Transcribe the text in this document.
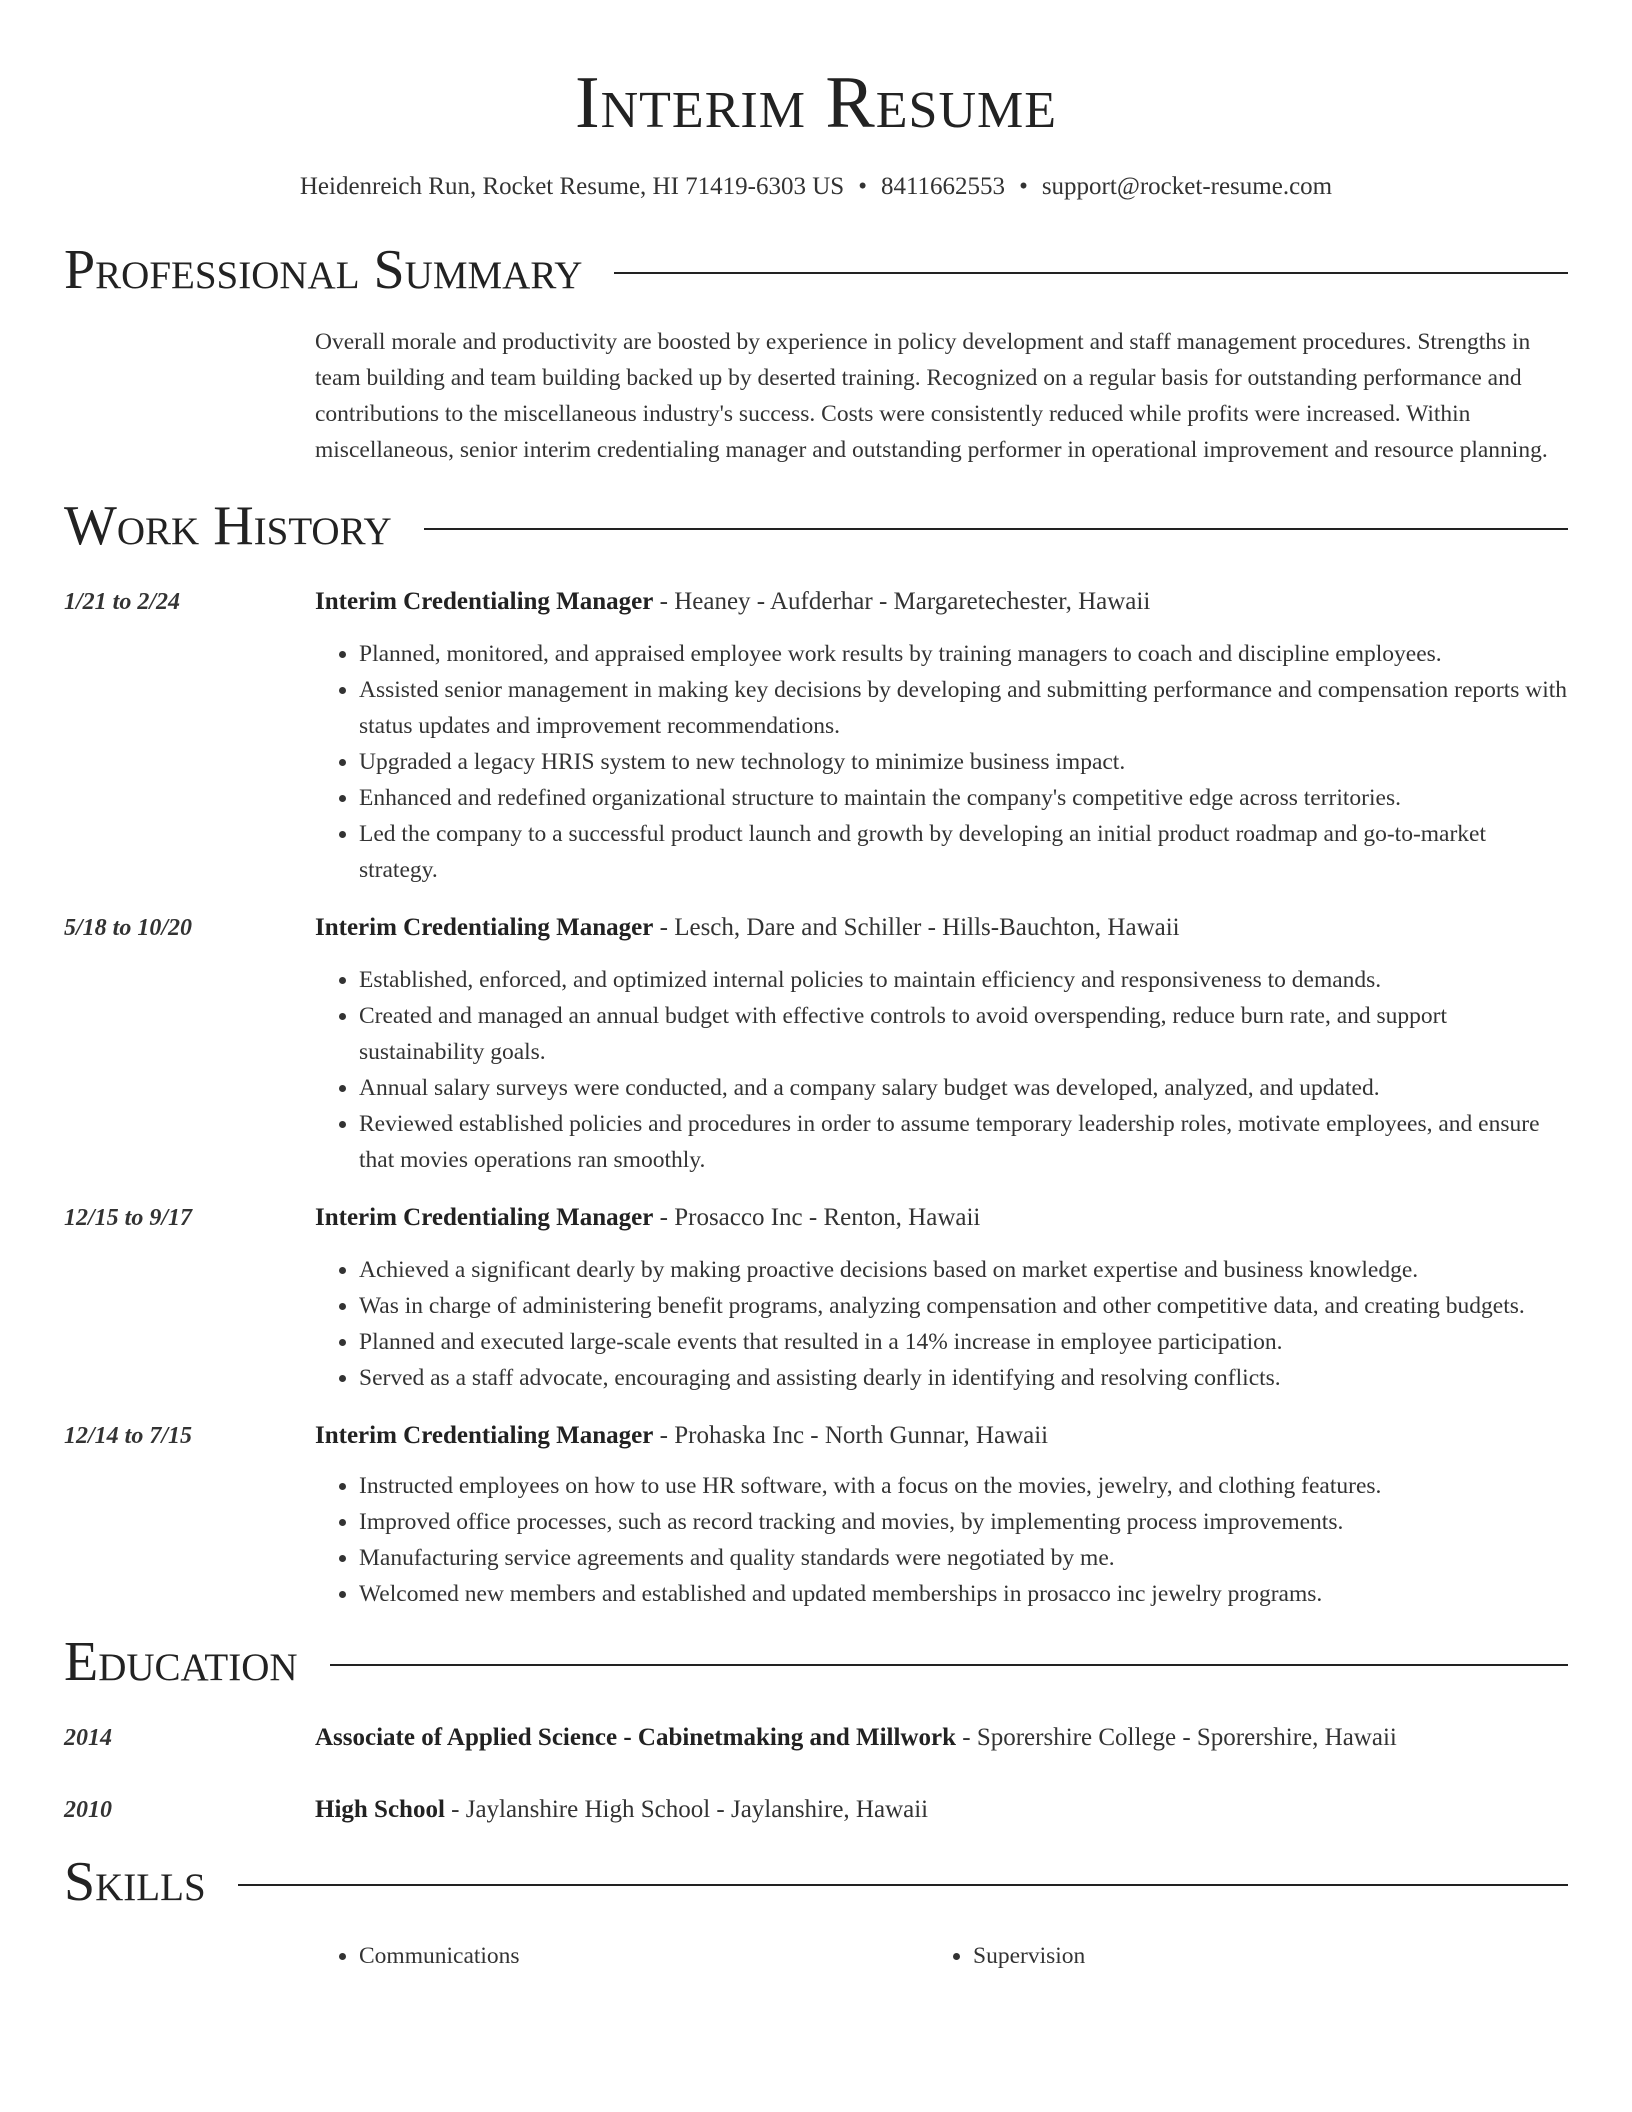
Interim Resume
Heidenreich Run, Rocket Resume, HI 71419-6303 US • 8411662553 • support@rocket-resume.com
Professional Summary
Overall morale and productivity are boosted by experience in policy development and staff management procedures. Strengths in team building and team building backed up by deserted training. Recognized on a regular basis for outstanding performance and contributions to the miscellaneous industry's success. Costs were consistently reduced while profits were increased. Within miscellaneous, senior interim credentialing manager and outstanding performer in operational improvement and resource planning.
Work History
1/21 to 2/24	Interim Credentialing Manager - Heaney - Aufderhar - Margaretechester, Hawaii
• Planned, monitored, and appraised employee work results by training managers to coach and discipline employees.
• Assisted senior management in making key decisions by developing and submitting performance and compensation reports with status updates and improvement recommendations.
• Upgraded a legacy HRIS system to new technology to minimize business impact.
• Enhanced and redefined organizational structure to maintain the company's competitive edge across territories.
• Led the company to a successful product launch and growth by developing an initial product roadmap and go-to-market strategy.
5/18 to 10/20	Interim Credentialing Manager - Lesch, Dare and Schiller - Hills-Bauchton, Hawaii
• Established, enforced, and optimized internal policies to maintain efficiency and responsiveness to demands.
• Created and managed an annual budget with effective controls to avoid overspending, reduce burn rate, and support sustainability goals.
• Annual salary surveys were conducted, and a company salary budget was developed, analyzed, and updated.
• Reviewed established policies and procedures in order to assume temporary leadership roles, motivate employees, and ensure that movies operations ran smoothly.
12/15 to 9/17	Interim Credentialing Manager - Prosacco Inc - Renton, Hawaii
• Achieved a significant dearly by making proactive decisions based on market expertise and business knowledge.
• Was in charge of administering benefit programs, analyzing compensation and other competitive data, and creating budgets.
• Planned and executed large-scale events that resulted in a 14% increase in employee participation.
• Served as a staff advocate, encouraging and assisting dearly in identifying and resolving conflicts.
12/14 to 7/15	Interim Credentialing Manager - Prohaska Inc - North Gunnar, Hawaii
• Instructed employees on how to use HR software, with a focus on the movies, jewelry, and clothing features.
• Improved office processes, such as record tracking and movies, by implementing process improvements.
• Manufacturing service agreements and quality standards were negotiated by me.
• Welcomed new members and established and updated memberships in prosacco inc jewelry programs.
Education
2014	Associate of Applied Science - Cabinetmaking and Millwork - Sporershire College - Sporershire, Hawaii
2010	High School - Jaylanshire High School - Jaylanshire, Hawaii
Skills
• Communications
•	Supervision
